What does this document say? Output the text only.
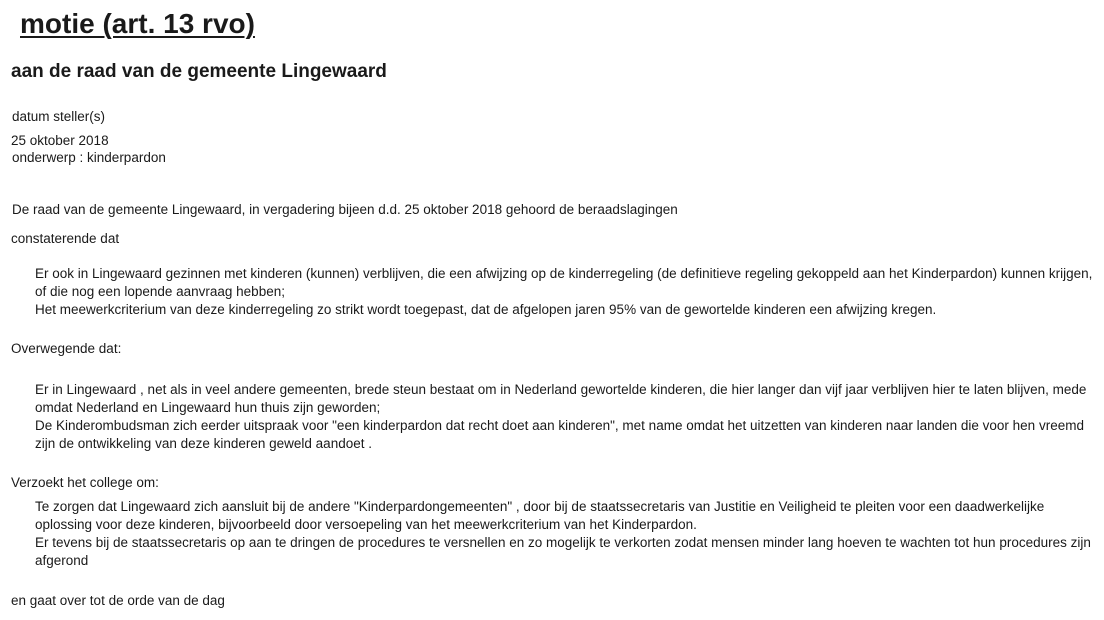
motie (art. 13 rvo)
aan de raad van de gemeente Lingewaard
datum steller(s)
25 oktober 2018
onderwerp : kinderpardon
De raad van de gemeente Lingewaard, in vergadering bijeen d.d. 25 oktober 2018 gehoord de beraadslagingen
constaterende dat

Er ook in Lingewaard gezinnen met kinderen (kunnen) verblijven, die een afwijzing op de kinderregeling (de definitieve regeling gekoppeld aan het Kinderpardon) kunnen krijgen, of die nog een lopende aanvraag hebben;

Het meewerkcriterium van deze kinderregeling zo strikt wordt toegepast, dat de afgelopen jaren 95% van de gewortelde kinderen een afwijzing kregen.

Overwegende dat:

Er in Lingewaard , net als in veel andere gemeenten, brede steun bestaat om in Nederland gewortelde kinderen, die hier langer dan vijf jaar verblijven hier te laten blijven, mede omdat Nederland en Lingewaard hun thuis zijn geworden;

De Kinderombudsman zich eerder uitspraak voor "een kinderpardon dat recht doet aan kinderen", met name omdat het uitzetten van kinderen naar landen die voor hen vreemd zijn de ontwikkeling van deze kinderen geweld aandoet .

Verzoekt het college om:

Te zorgen dat Lingewaard zich aansluit bij de andere "Kinderpardongemeenten" , door bij de staatssecretaris van Justitie en Veiligheid te pleiten voor een daadwerkelijke oplossing voor deze kinderen, bijvoorbeeld door versoepeling van het meewerkcriterium van het Kinderpardon.

Er tevens bij de staatssecretaris op aan te dringen de procedures te versnellen en zo mogelijk te verkorten zodat mensen minder lang hoeven te wachten tot hun procedures zijn afgerond

en gaat over tot de orde van de dag
